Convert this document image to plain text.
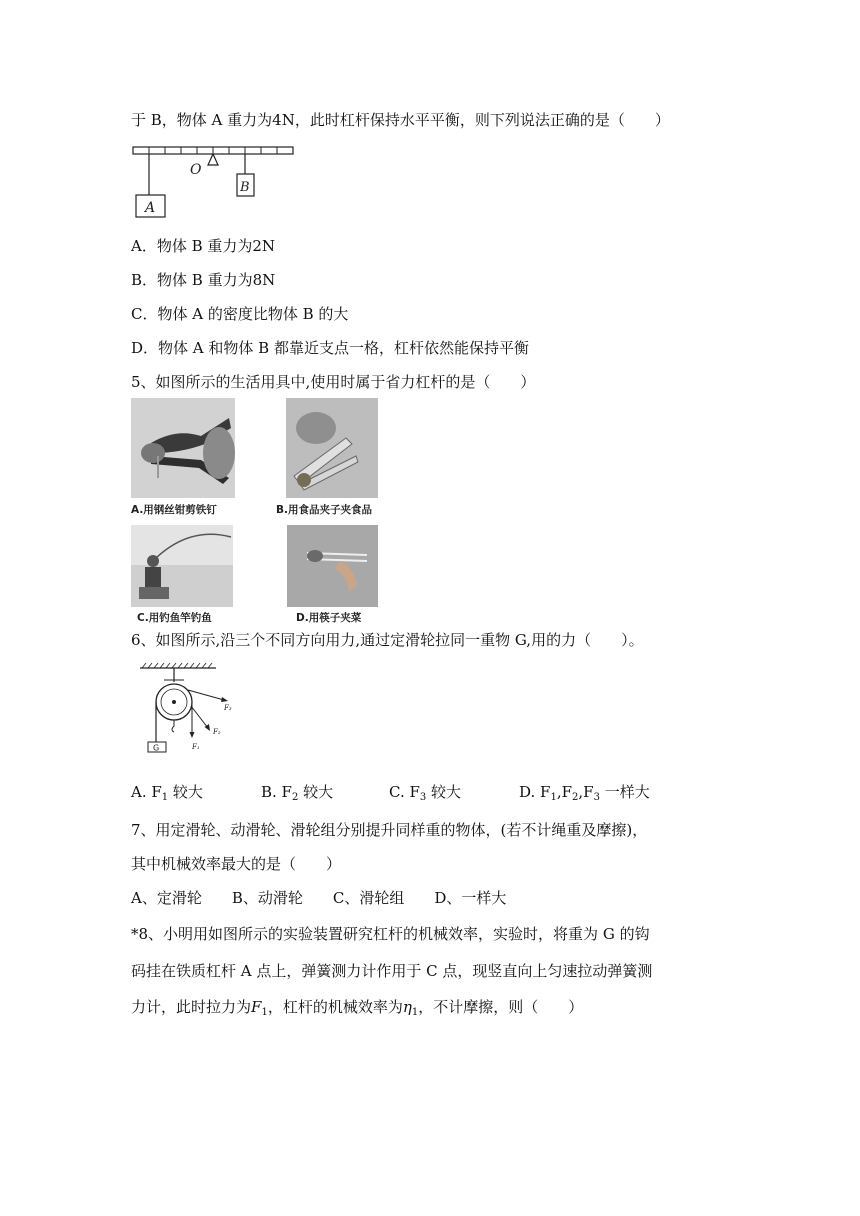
于 B，物体 A 重力为4N，此时杠杆保持水平平衡，则下列说法正确的是（　　）
O
A
B
A．物体 B 重力为2N
B．物体 B 重力为8N
C．物体 A 的密度比物体 B 的大
D．物体 A 和物体 B 都靠近支点一格，杠杆依然能保持平衡
5、如图所示的生活用具中,使用时属于省力杠杆的是（　　）
A.用钢丝钳剪铁钉	B.用食品夹子夹食品
C.用钓鱼竿钓鱼	D.用筷子夹菜
6、如图所示,沿三个不同方向用力,通过定滑轮拉同一重物 G,用的力（　　）。
G	F₁
F₂
F₃
A. $F_1$ 较大	B. $F_2$ 较大	C. $F_3$ 较大	D. $F_1,F_2,F_3$ 一样大
7、用定滑轮、动滑轮、滑轮组分别提升同样重的物体，(若不计绳重及摩擦)，
其中机械效率最大的是（　　）
A、定滑轮　　B、动滑轮　　C、滑轮组　　D、一样大
*8、小明用如图所示的实验装置研究杠杆的机械效率，实验时，将重为 G 的钩
码挂在铁质杠杆 A 点上，弹簧测力计作用于 C 点，现竖直向上匀速拉动弹簧测
力计，此时拉力为$F_1$，杠杆的机械效率为$\eta_1$，不计摩擦，则（　　）
